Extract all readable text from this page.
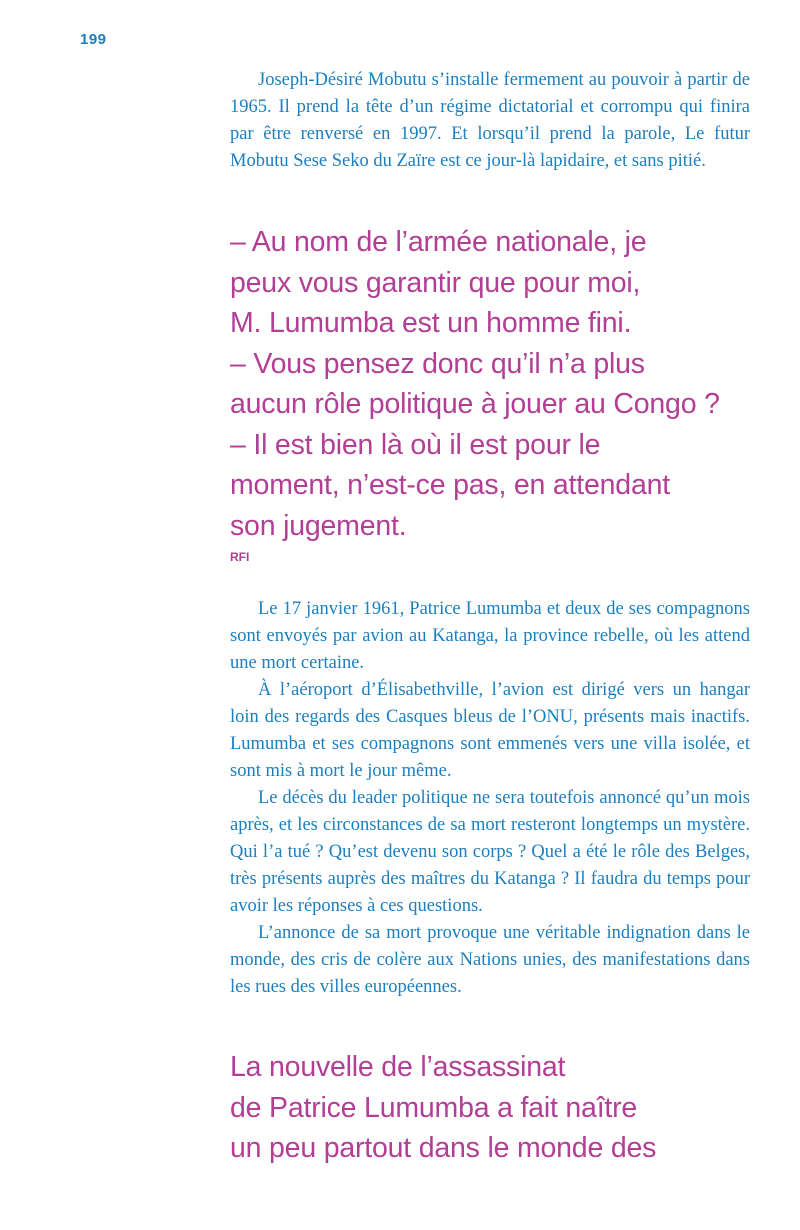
199

Joseph-Désiré Mobutu s’installe fermement au pouvoir à partir de 1965. Il prend la tête d’un régime dictatorial et corrompu qui finira par être renversé en 1997. Et lorsqu’il prend la parole, Le futur Mobutu Sese Seko du Zaïre est ce jour-là lapidaire, et sans pitié.

– Au nom de l’armée nationale, je
peux vous garantir que pour moi,
M. Lumumba est un homme fini.
– Vous pensez donc qu’il n’a plus
aucun rôle politique à jouer au Congo ?
– Il est bien là où il est pour le
moment, n’est-ce pas, en attendant
son jugement.
RFI

Le 17 janvier 1961, Patrice Lumumba et deux de ses compagnons sont envoyés par avion au Katanga, la province rebelle, où les attend une mort certaine.

À l’aéroport d’Élisabethville, l’avion est dirigé vers un hangar loin des regards des Casques bleus de l’ONU, présents mais inactifs. Lumumba et ses compagnons sont emmenés vers une villa isolée, et sont mis à mort le jour même.

Le décès du leader politique ne sera toutefois annoncé qu’un mois après, et les circonstances de sa mort resteront longtemps un mystère. Qui l’a tué ? Qu’est devenu son corps ? Quel a été le rôle des Belges, très présents auprès des maîtres du Katanga ? Il faudra du temps pour avoir les réponses à ces questions.

L’annonce de sa mort provoque une véritable indignation dans le monde, des cris de colère aux Nations unies, des manifestations dans les rues des villes européennes.

La nouvelle de l’assassinat
de Patrice Lumumba a fait naître
un peu partout dans le monde des
